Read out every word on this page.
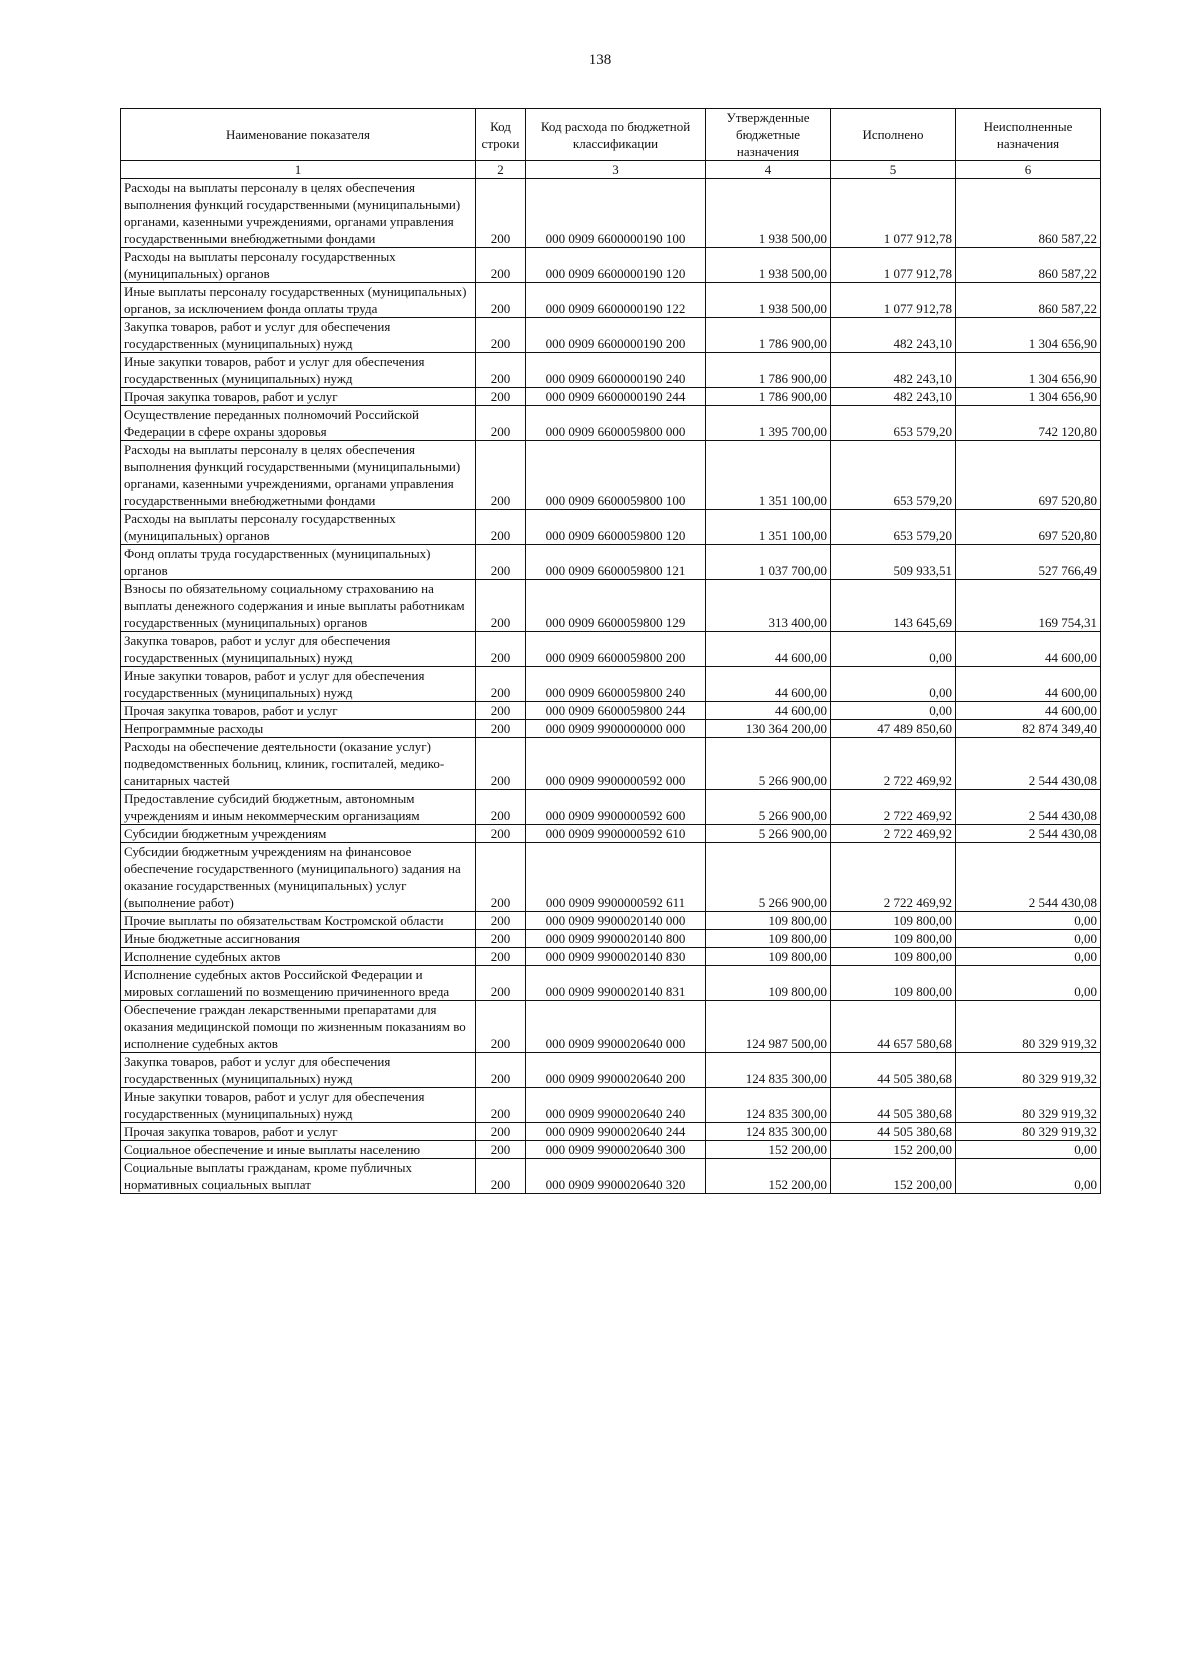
138
Наименование показателя	Код строки	Код расхода по бюджетной классификации	Утвержденные бюджетные назначения	Исполнено	Неисполненные назначения
1	2	3	4	5	6
Расходы на выплаты персоналу в целях обеспечения выполнения функций государственными (муниципальными) органами, казенными учреждениями, органами управления государственными внебюджетными фондами	200	000 0909 6600000190 100	1 938 500,00	1 077 912,78	860 587,22
Расходы на выплаты персоналу государственных (муниципальных) органов	200	000 0909 6600000190 120	1 938 500,00	1 077 912,78	860 587,22
Иные выплаты персоналу государственных (муниципальных) органов, за исключением фонда оплаты труда	200	000 0909 6600000190 122	1 938 500,00	1 077 912,78	860 587,22
Закупка товаров, работ и услуг для обеспечения государственных (муниципальных) нужд	200	000 0909 6600000190 200	1 786 900,00	482 243,10	1 304 656,90
Иные закупки товаров, работ и услуг для обеспечения государственных (муниципальных) нужд	200	000 0909 6600000190 240	1 786 900,00	482 243,10	1 304 656,90
Прочая закупка товаров, работ и услуг	200	000 0909 6600000190 244	1 786 900,00	482 243,10	1 304 656,90
Осуществление переданных полномочий Российской Федерации в сфере охраны здоровья	200	000 0909 6600059800 000	1 395 700,00	653 579,20	742 120,80
Расходы на выплаты персоналу в целях обеспечения выполнения функций государственными (муниципальными) органами, казенными учреждениями, органами управления государственными внебюджетными фондами	200	000 0909 6600059800 100	1 351 100,00	653 579,20	697 520,80
Расходы на выплаты персоналу государственных (муниципальных) органов	200	000 0909 6600059800 120	1 351 100,00	653 579,20	697 520,80
Фонд оплаты труда государственных (муниципальных) органов	200	000 0909 6600059800 121	1 037 700,00	509 933,51	527 766,49
Взносы по обязательному социальному страхованию на выплаты денежного содержания и иные выплаты работникам государственных (муниципальных) органов	200	000 0909 6600059800 129	313 400,00	143 645,69	169 754,31
Закупка товаров, работ и услуг для обеспечения государственных (муниципальных) нужд	200	000 0909 6600059800 200	44 600,00	0,00	44 600,00
Иные закупки товаров, работ и услуг для обеспечения государственных (муниципальных) нужд	200	000 0909 6600059800 240	44 600,00	0,00	44 600,00
Прочая закупка товаров, работ и услуг	200	000 0909 6600059800 244	44 600,00	0,00	44 600,00
Непрограммные расходы	200	000 0909 9900000000 000	130 364 200,00	47 489 850,60	82 874 349,40
Расходы на обеспечение деятельности (оказание услуг) подведомственных больниц, клиник, госпиталей, медико-санитарных частей	200	000 0909 9900000592 000	5 266 900,00	2 722 469,92	2 544 430,08
Предоставление субсидий бюджетным, автономным учреждениям и иным некоммерческим организациям	200	000 0909 9900000592 600	5 266 900,00	2 722 469,92	2 544 430,08
Субсидии бюджетным учреждениям	200	000 0909 9900000592 610	5 266 900,00	2 722 469,92	2 544 430,08
Субсидии бюджетным учреждениям на финансовое обеспечение государственного (муниципального) задания на оказание государственных (муниципальных) услуг (выполнение работ)	200	000 0909 9900000592 611	5 266 900,00	2 722 469,92	2 544 430,08
Прочие выплаты по обязательствам Костромской области	200	000 0909 9900020140 000	109 800,00	109 800,00	0,00
Иные бюджетные ассигнования	200	000 0909 9900020140 800	109 800,00	109 800,00	0,00
Исполнение судебных актов	200	000 0909 9900020140 830	109 800,00	109 800,00	0,00
Исполнение судебных актов Российской Федерации и мировых соглашений по возмещению причиненного вреда	200	000 0909 9900020140 831	109 800,00	109 800,00	0,00
Обеспечение граждан лекарственными препаратами для оказания медицинской помощи по жизненным показаниям во исполнение судебных актов	200	000 0909 9900020640 000	124 987 500,00	44 657 580,68	80 329 919,32
Закупка товаров, работ и услуг для обеспечения государственных (муниципальных) нужд	200	000 0909 9900020640 200	124 835 300,00	44 505 380,68	80 329 919,32
Иные закупки товаров, работ и услуг для обеспечения государственных (муниципальных) нужд	200	000 0909 9900020640 240	124 835 300,00	44 505 380,68	80 329 919,32
Прочая закупка товаров, работ и услуг	200	000 0909 9900020640 244	124 835 300,00	44 505 380,68	80 329 919,32
Социальное обеспечение и иные выплаты населению	200	000 0909 9900020640 300	152 200,00	152 200,00	0,00
Социальные выплаты гражданам, кроме публичных нормативных социальных выплат	200	000 0909 9900020640 320	152 200,00	152 200,00	0,00
